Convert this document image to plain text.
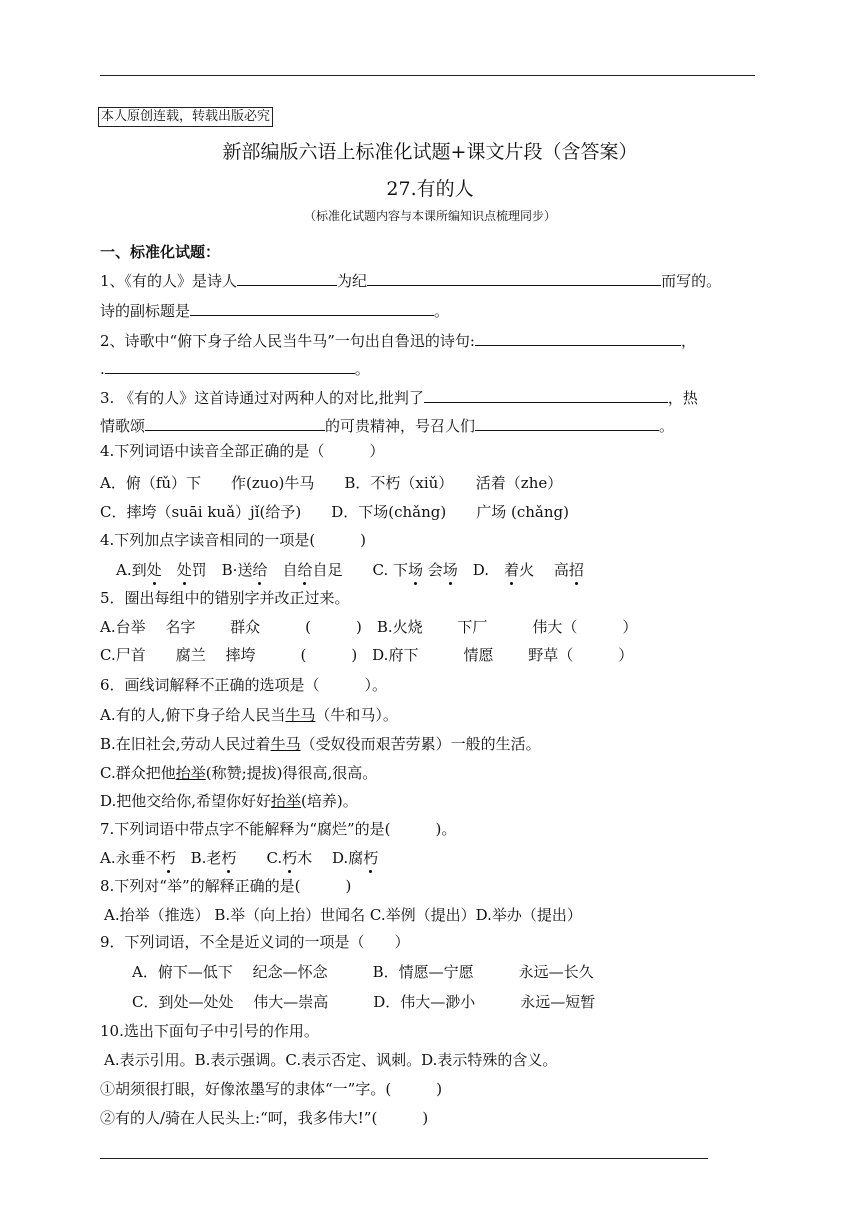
本人原创连载，转载出版必究
新部编版六语上标准化试题+课文片段（含答案）
27.有的人
（标准化试题内容与本课所编知识点梳理同步）
一、标准化试题：
1、《有的人》是诗人	为纪	而写的。
诗的副标题是	。
2、诗歌中“俯下身子给人民当牛马”一句出自鲁迅的诗句:	，
.	。
3. 《有的人》这首诗通过对两种人的对比,批判了	，热
情歌颂	的可贵精神，号召人们	。
4.下列词语中读音全部正确的是（　　　）
A．俯（fǔ）下　　作(zuo)牛马　　B．不朽（xiǔ）　　活着（zhe）
C．摔垮（suāi kuǎ）jǐ(给予)　　D．下场(chǎng)　　广场 (chǎng)
4.下列加点字读音相同的一项是(　　　)
A.到处　 处罚　B·送给　自给自足　　C. 下场 会场　D.　着火　 高招
5．圈出每组中的错别字并改正过来。
A.台举　 名字　 　群众　　　(　　　)　B.火烧　　 下厂　　　伟大（　　　）
C.尸首　　腐兰　 摔垮　　　(　　　)　D.府下　　　情愿　　 野草（　　　）
6．画线词解释不正确的选项是（　　　）。
A.有的人,俯下身子给人民当牛马（牛和马）。
B.在旧社会,劳动人民过着牛马（受奴役而艰苦劳累）一般的生活。
C.群众把他抬举(称赞;提拔)得很高,很高。
D.把他交给你,希望你好好抬举(培养)。
7.下列词语中带点字不能解释为“腐烂”的是(　　　)。
A.永垂不朽　B.老朽　　C.朽木　 D.腐朽
8.下列对“举”的解释正确的是(　　　)
A.抬举（推选） B.举（向上抬）世闻名 C.举例（提出）D.举办（提出）
9．下列词语，不全是近义词的一项是（　　）
A．俯下—低下　 纪念—怀念　　　B．情愿—宁愿　　　永远—长久
C．到处—处处　 伟大—崇高　　　D．伟大—渺小　　　永远—短暂
10.选出下面句子中引号的作用。
A.表示引用。B.表示强调。C.表示否定、讽刺。D.表示特殊的含义。
①胡须很打眼，好像浓墨写的隶体“一”字。(　　　)
②有的人/骑在人民头上:“呵，我多伟大!”(　　　)
